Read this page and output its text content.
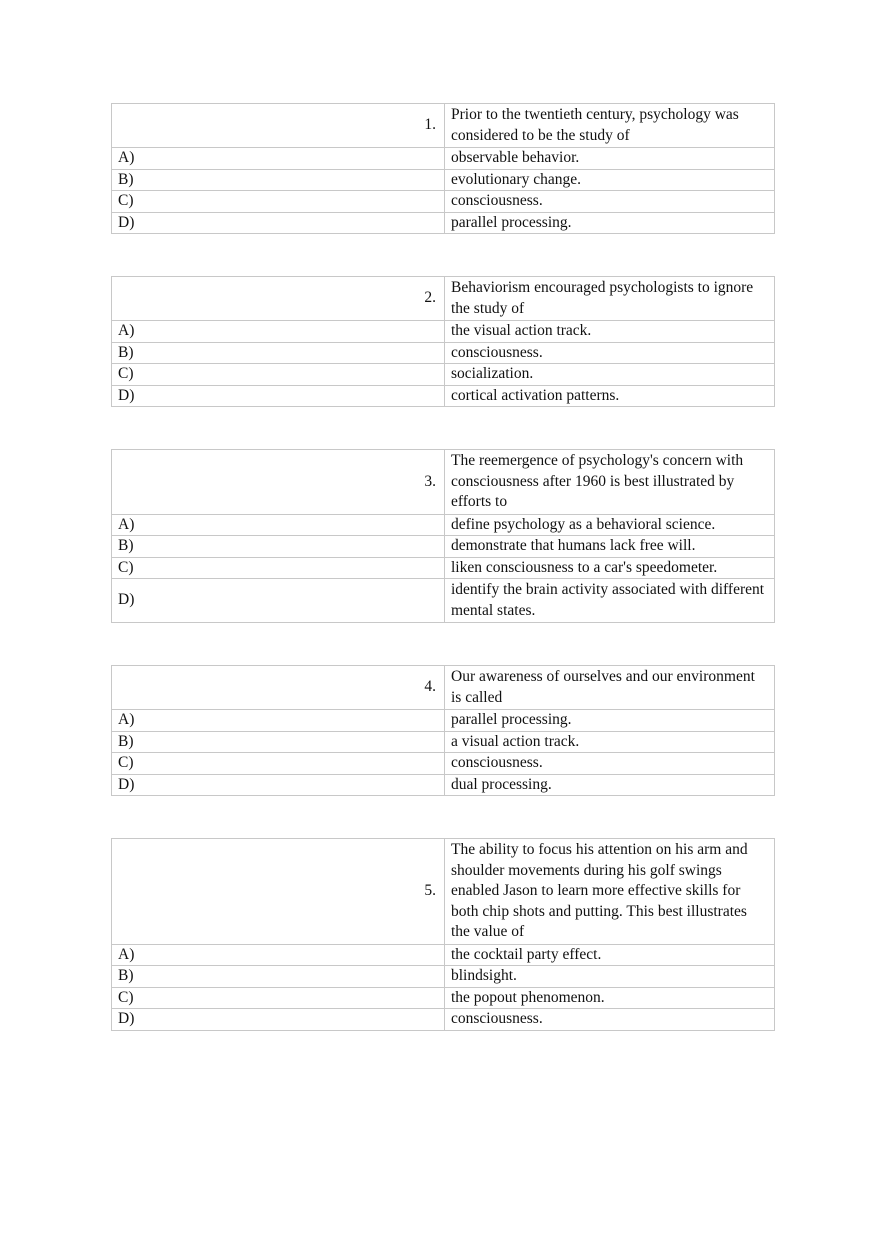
1.	Prior to the twentieth century, psychology was considered to be the study of
A)	observable behavior.
B)	evolutionary change.
C)	consciousness.
D)	parallel processing.
2.	Behaviorism encouraged psychologists to ignore the study of
A)	the visual action track.
B)	consciousness.
C)	socialization.
D)	cortical activation patterns.
3.	The reemergence of psychology's concern with consciousness after 1960 is best illustrated by efforts to
A)	define psychology as a behavioral science.
B)	demonstrate that humans lack free will.
C)	liken consciousness to a car's speedometer.
D)	identify the brain activity associated with different mental states.
4.	Our awareness of ourselves and our environment is called
A)	parallel processing.
B)	a visual action track.
C)	consciousness.
D)	dual processing.
5.	The ability to focus his attention on his arm and shoulder movements during his golf swings enabled Jason to learn more effective skills for both chip shots and putting. This best illustrates the value of
A)	the cocktail party effect.
B)	blindsight.
C)	the popout phenomenon.
D)	consciousness.
